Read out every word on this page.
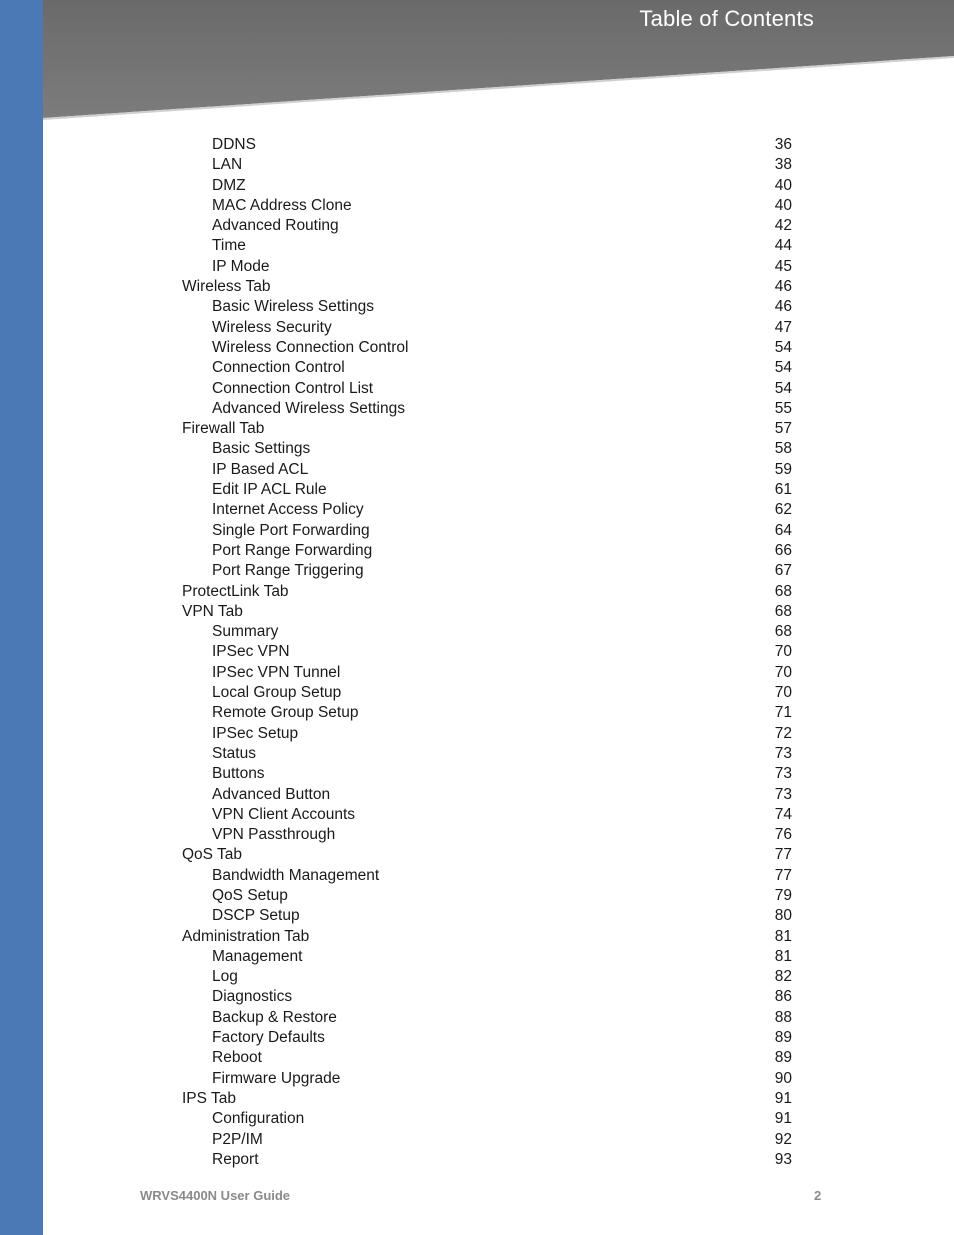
Table of Contents
DDNS	36
LAN	38
DMZ	40
MAC Address Clone	40
Advanced Routing	42
Time	44
IP Mode	45
Wireless Tab	46
Basic Wireless Settings	46
Wireless Security	47
Wireless Connection Control	54
Connection Control	54
Connection Control List	54
Advanced Wireless Settings	55
Firewall Tab	57
Basic Settings	58
IP Based ACL	59
Edit IP ACL Rule	61
Internet Access Policy	62
Single Port Forwarding	64
Port Range Forwarding	66
Port Range Triggering	67
ProtectLink Tab	68
VPN Tab	68
Summary	68
IPSec VPN	70
IPSec VPN Tunnel	70
Local Group Setup	70
Remote Group Setup	71
IPSec Setup	72
Status	73
Buttons	73
Advanced Button	73
VPN Client Accounts	74
VPN Passthrough	76
QoS Tab	77
Bandwidth Management	77
QoS Setup	79
DSCP Setup	80
Administration Tab	81
Management	81
Log	82
Diagnostics	86
Backup & Restore	88
Factory Defaults	89
Reboot	89
Firmware Upgrade	90
IPS Tab	91
Configuration	91
P2P/IM	92
Report	93
WRVS4400N User Guide	2
